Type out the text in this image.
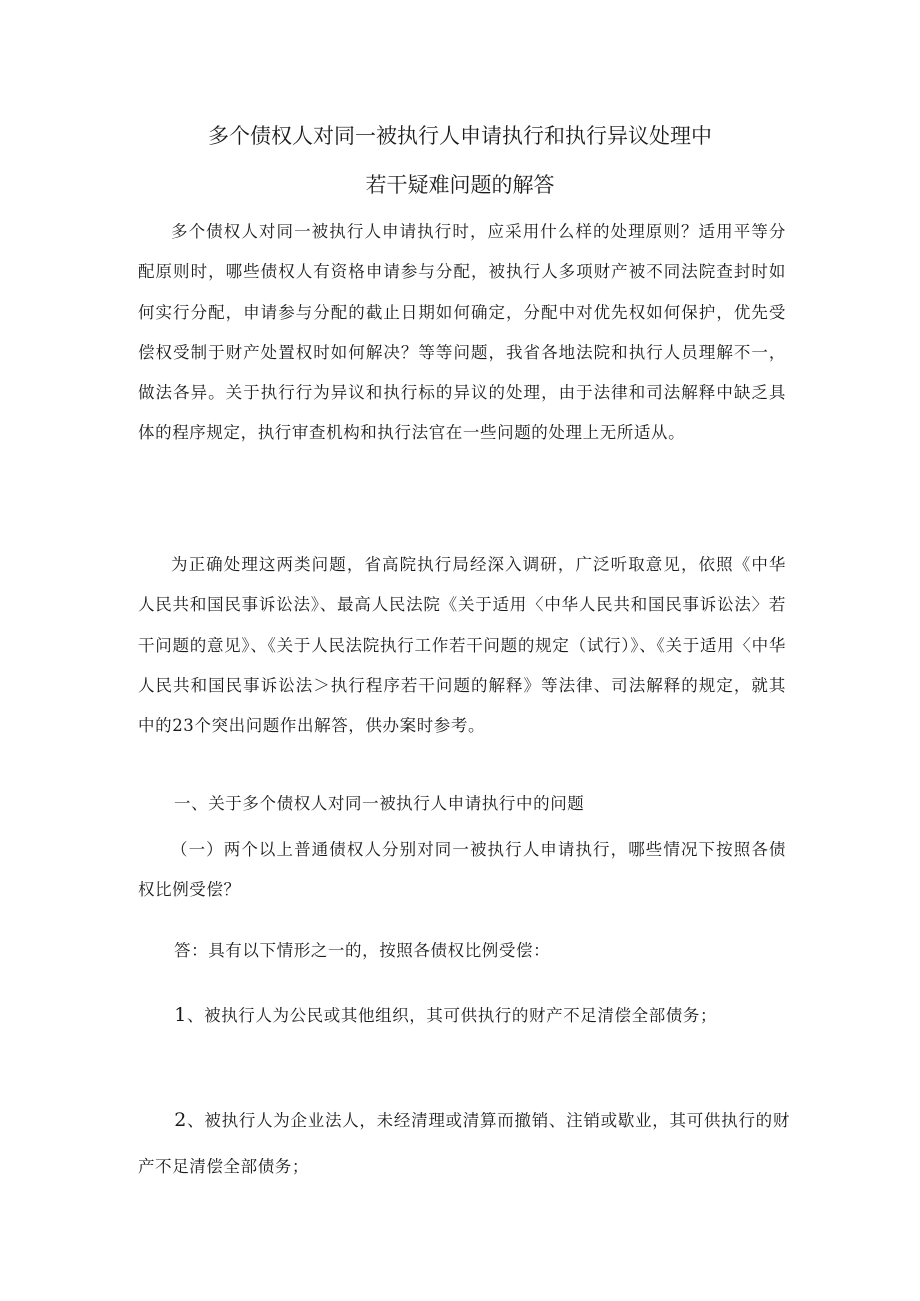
多个债权人对同一被执行人申请执行和执行异议处理中
若干疑难问题的解答

多个债权人对同一被执行人申请执行时，应采用什么样的处理原则？适用平等分配原则时，哪些债权人有资格申请参与分配，被执行人多项财产被不同法院查封时如何实行分配，申请参与分配的截止日期如何确定，分配中对优先权如何保护，优先受偿权受制于财产处置权时如何解决？等等问题，我省各地法院和执行人员理解不一，做法各异。关于执行行为异议和执行标的异议的处理，由于法律和司法解释中缺乏具体的程序规定，执行审查机构和执行法官在一些问题的处理上无所适从。

为正确处理这两类问题，省高院执行局经深入调研，广泛听取意见，依照《中华人民共和国民事诉讼法》、最高人民法院《关于适用〈中华人民共和国民事诉讼法〉若干问题的意见》、《关于人民法院执行工作若干问题的规定（试行）》、《关于适用〈中华人民共和国民事诉讼法＞执行程序若干问题的解释》等法律、司法解释的规定，就其中的23个突出问题作出解答，供办案时参考。

一、关于多个债权人对同一被执行人申请执行中的问题

（一）两个以上普通债权人分别对同一被执行人申请执行，哪些情况下按照各债权比例受偿？

答：具有以下情形之一的，按照各债权比例受偿：

1、被执行人为公民或其他组织，其可供执行的财产不足清偿全部债务；

2、被执行人为企业法人，未经清理或清算而撤销、注销或歇业，其可供执行的财产不足清偿全部债务；
